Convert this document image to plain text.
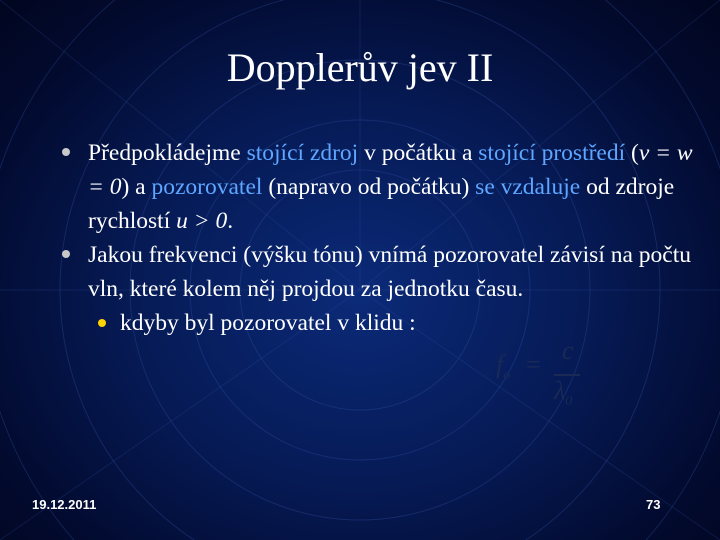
Dopplerův jev II
Předpokládejme stojící zdroj v počátku a stojící prostředí (v = w = 0) a pozorovatel (napravo od počátku) se vzdaluje od zdroje rychlostí u > 0.
Jakou frekvenci (výšku tónu) vnímá pozorovatel závisí na počtu vln, které kolem něj projdou za jednotku času.
kdyby byl pozorovatel v klidu :
$f_o = c$
$\lambda_0$
19.12.2011	73
